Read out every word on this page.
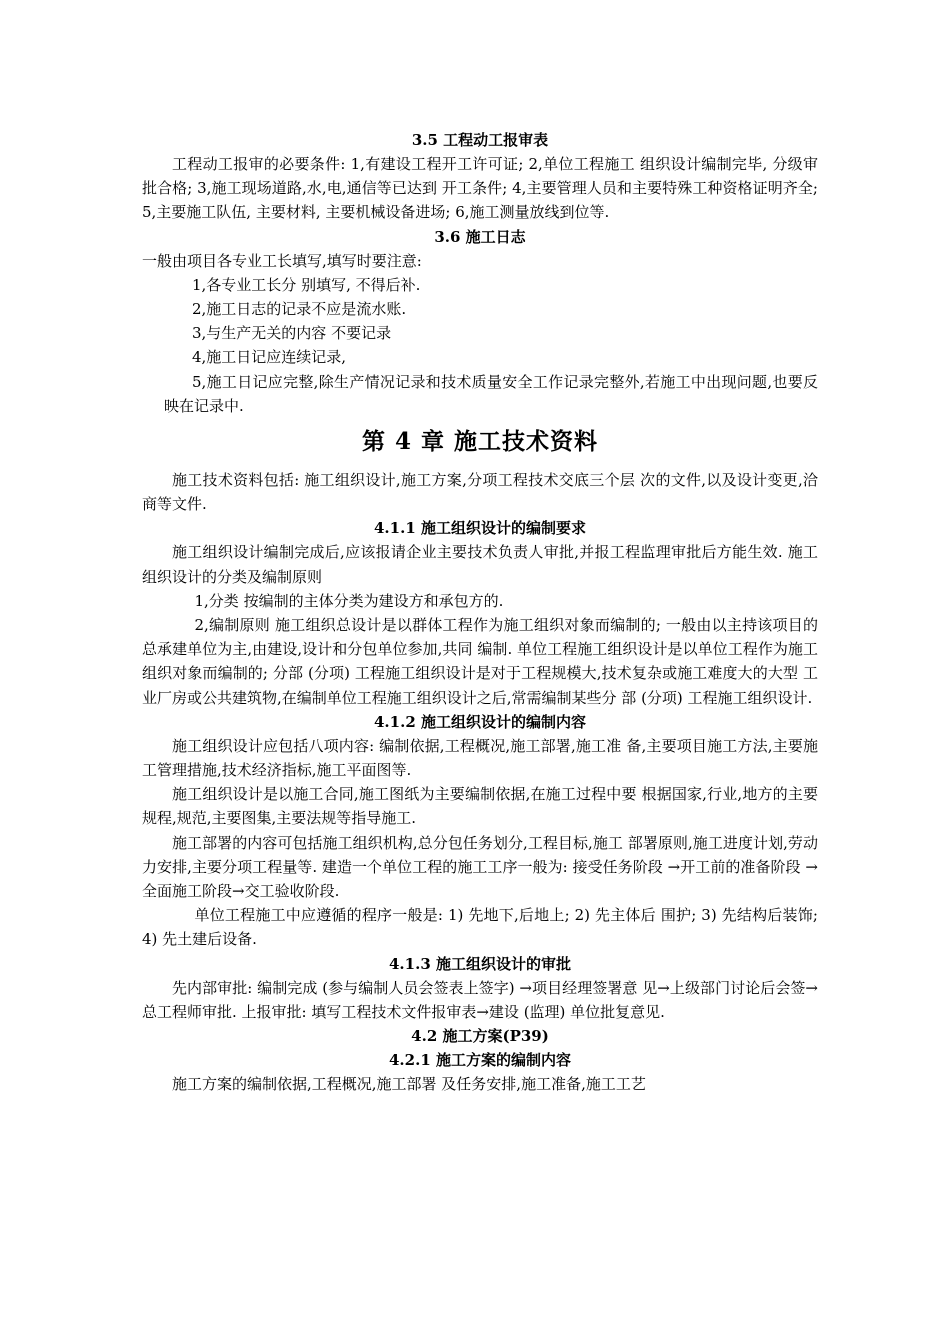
3.5 工程动工报审表

工程动工报审的必要条件: 1,有建设工程开工许可证; 2,单位工程施工 组织设计编制完毕, 分级审批合格; 3,施工现场道路,水,电,通信等已达到 开工条件; 4,主要管理人员和主要特殊工种资格证明齐全; 5,主要施工队伍, 主要材料, 主要机械设备进场; 6,施工测量放线到位等.

3.6 施工日志

一般由项目各专业工长填写,填写时要注意:

1,各专业工长分 别填写, 不得后补.

2,施工日志的记录不应是流水账.

3,与生产无关的内容 不要记录

4,施工日记应连续记录,

5,施工日记应完整,除生产情况记录和技术质量安全工作记录完整外,若施工中出现问题,也要反映在记录中.

第 4 章 施工技术资料

施工技术资料包括: 施工组织设计,施工方案,分项工程技术交底三个层 次的文件,以及设计变更,洽商等文件.

4.1.1 施工组织设计的编制要求

施工组织设计编制完成后,应该报请企业主要技术负责人审批,并报工程监理审批后方能生效. 施工组织设计的分类及编制原则

1,分类 按编制的主体分类为建设方和承包方的.

2,编制原则 施工组织总设计是以群体工程作为施工组织对象而编制的; 一般由以主持该项目的总承建单位为主,由建设,设计和分包单位参加,共同 编制. 单位工程施工组织设计是以单位工程作为施工组织对象而编制的; 分部 (分项) 工程施工组织设计是对于工程规模大,技术复杂或施工难度大的大型 工业厂房或公共建筑物,在编制单位工程施工组织设计之后,常需编制某些分 部 (分项) 工程施工组织设计.

4.1.2 施工组织设计的编制内容

施工组织设计应包括八项内容: 编制依据,工程概况,施工部署,施工准 备,主要项目施工方法,主要施工管理措施,技术经济指标,施工平面图等.

施工组织设计是以施工合同,施工图纸为主要编制依据,在施工过程中要 根据国家,行业,地方的主要规程,规范,主要图集,主要法规等指导施工.

施工部署的内容可包括施工组织机构,总分包任务划分,工程目标,施工 部署原则,施工进度计划,劳动力安排,主要分项工程量等. 建造一个单位工程的施工工序一般为: 接受任务阶段 →开工前的准备阶段 →全面施工阶段→交工验收阶段.

单位工程施工中应遵循的程序一般是: 1) 先地下,后地上; 2) 先主体后 围护; 3) 先结构后装饰; 4) 先土建后设备.

4.1.3 施工组织设计的审批

先内部审批: 编制完成 (参与编制人员会签表上签字) →项目经理签署意 见→上级部门讨论后会签→总工程师审批. 上报审批: 填写工程技术文件报审表→建设 (监理) 单位批复意见.

4.2 施工方案(P39)
4.2.1 施工方案的编制内容

施工方案的编制依据,工程概况,施工部署 及任务安排,施工准备,施工工艺
